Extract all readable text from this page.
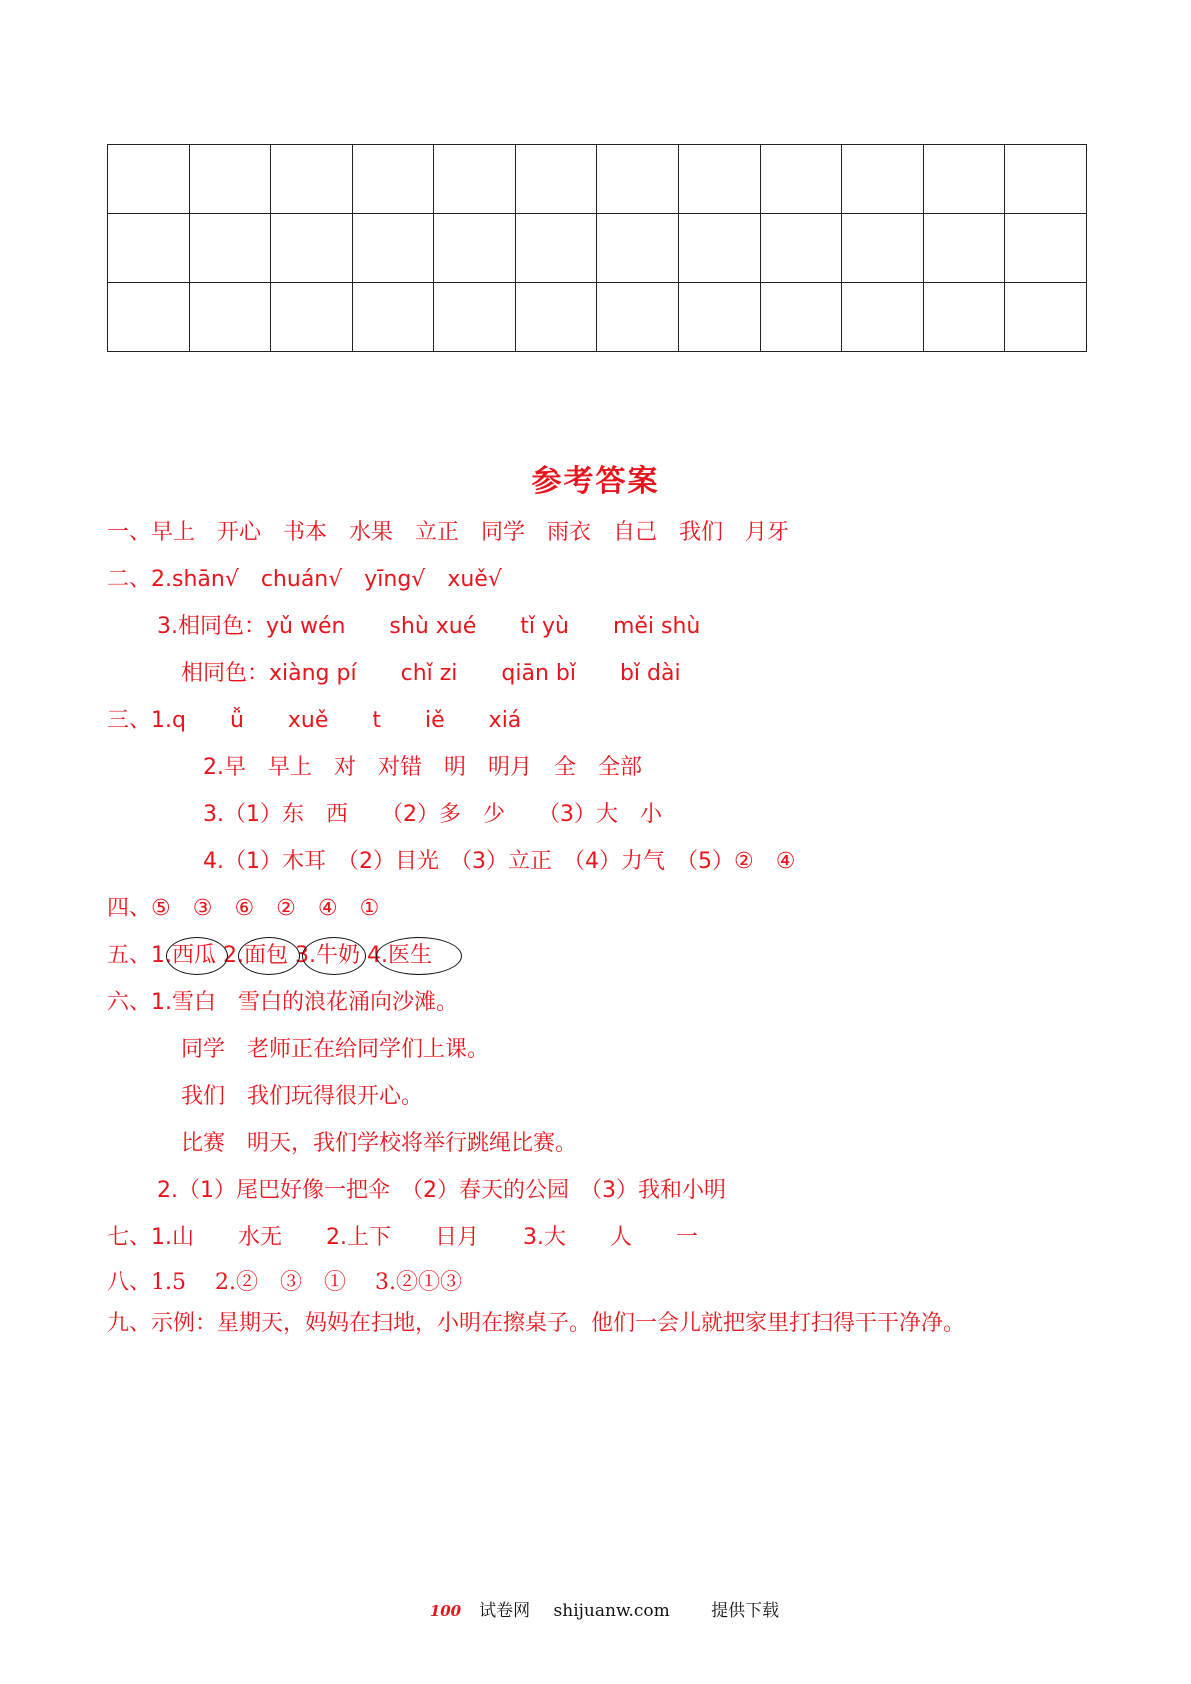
参考答案
一、早上　开心　书本　水果　立正　同学　雨衣　自己　我们　月牙
二、2.shān√　chuán√　yīng√　xuě√
3.相同色：yǔ wén　　shù xué　　tǐ yù　　měi shù
相同色：xiàng pí　　chǐ zi　　qiān bǐ　　bǐ dài
三、1.q　　ǚ　　xuě　　t　　iě　　xiá
2.早　早上　对　对错　明　明月　全　全部
3.（1）东　西　　（2）多　少　　（3）大　小
4.（1）木耳　（2）目光　（3）立正　（4）力气　（5）②　④
四、⑤　③　⑥　②　④　①
五、1.西瓜
2.面包
3.牛奶
4.医生
六、1.雪白　雪白的浪花涌向沙滩。
同学　老师正在给同学们上课。
我们　我们玩得很开心。
比赛　明天，我们学校将举行跳绳比赛。
2.（1）尾巴好像一把伞　（2）春天的公园　（3）我和小明
七、1.山　　水无　　2.上下　　日月　　3.大　　人　　一
八、1.5　 2.②　③　①　 3.②①③
九、示例：星期天，妈妈在扫地，小明在擦桌子。他们一会儿就把家里打扫得干干净净。
100 试卷网 shijuanw.com 提供下载
